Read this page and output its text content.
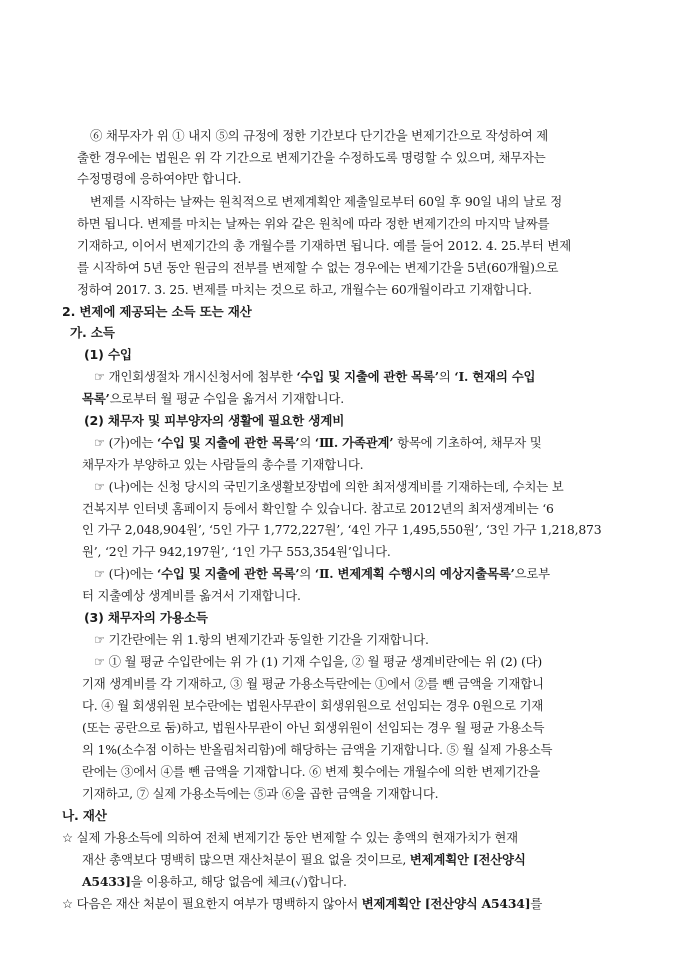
⑥ 채무자가 위 ① 내지 ⑤의 규정에 정한 기간보다 단기간을 변제기간으로 작성하여 제
출한 경우에는 법원은 위 각 기간으로 변제기간을 수정하도록 명령할 수 있으며, 채무자는
수정명령에 응하여야만 합니다.
변제를 시작하는 날짜는 원칙적으로 변제계획안 제출일로부터 60일 후 90일 내의 날로 정
하면 됩니다. 변제를 마치는 날짜는 위와 같은 원칙에 따라 정한 변제기간의 마지막 날짜를
기재하고, 이어서 변제기간의 총 개월수를 기재하면 됩니다. 예를 들어 2012. 4. 25.부터 변제
를 시작하여 5년 동안 원금의 전부를 변제할 수 없는 경우에는 변제기간을 5년(60개월)으로
정하여 2017. 3. 25. 변제를 마치는 것으로 하고, 개월수는 60개월이라고 기재합니다.
2. 변제에 제공되는 소득 또는 재산
가. 소득
(1) 수입
☞ 개인회생절차 개시신청서에 첨부한 ‘수입 및 지출에 관한 목록’의 ‘Ⅰ. 현재의 수입
목록’으로부터 월 평균 수입을 옮겨서 기재합니다.
(2) 채무자 및 피부양자의 생활에 필요한 생계비
☞ (가)에는 ‘수입 및 지출에 관한 목록’의 ‘Ⅲ. 가족관계’ 항목에 기초하여, 채무자 및
채무자가 부양하고 있는 사람들의 총수를 기재합니다.
☞ (나)에는 신청 당시의 국민기초생활보장법에 의한 최저생계비를 기재하는데, 수치는 보
건복지부 인터넷 홈페이지 등에서 확인할 수 있습니다. 참고로 2012년의 최저생계비는 ‘6
인 가구 2,048,904원’, ‘5인 가구 1,772,227원’, ‘4인 가구 1,495,550원’, ‘3인 가구 1,218,873
원’, ‘2인 가구 942,197원’, ‘1인 가구 553,354원’입니다.
☞ (다)에는 ‘수입 및 지출에 관한 목록’의 ‘Ⅱ. 변제계획 수행시의 예상지출목록’으로부
터 지출예상 생계비를 옮겨서 기재합니다.
(3) 채무자의 가용소득
☞ 기간란에는 위 1.항의 변제기간과 동일한 기간을 기재합니다.
☞ ① 월 평균 수입란에는 위 가 (1) 기재 수입을, ② 월 평균 생계비란에는 위 (2) (다)
기재 생계비를 각 기재하고, ③ 월 평균 가용소득란에는 ①에서 ②를 뺀 금액을 기재합니
다. ④ 월 회생위원 보수란에는 법원사무관이 회생위원으로 선임되는 경우 0원으로 기재
(또는 공란으로 둠)하고, 법원사무관이 아닌 회생위원이 선임되는 경우 월 평균 가용소득
의 1%(소수점 이하는 반올림처리함)에 해당하는 금액을 기재합니다. ⑤ 월 실제 가용소득
란에는 ③에서 ④를 뺀 금액을 기재합니다. ⑥ 변제 횟수에는 개월수에 의한 변제기간을
기재하고, ⑦ 실제 가용소득에는 ⑤과 ⑥을 곱한 금액을 기재합니다.
나. 재산
☆ 실제 가용소득에 의하여 전체 변제기간 동안 변제할 수 있는 총액의 현재가치가 현재
재산 총액보다 명백히 많으면 재산처분이 필요 없을 것이므로, 변제계획안 [전산양식
A5433]을 이용하고, 해당 없음에 체크(✓)합니다.
☆ 다음은 재산 처분이 필요한지 여부가 명백하지 않아서 변제계획안 [전산양식 A5434]를
